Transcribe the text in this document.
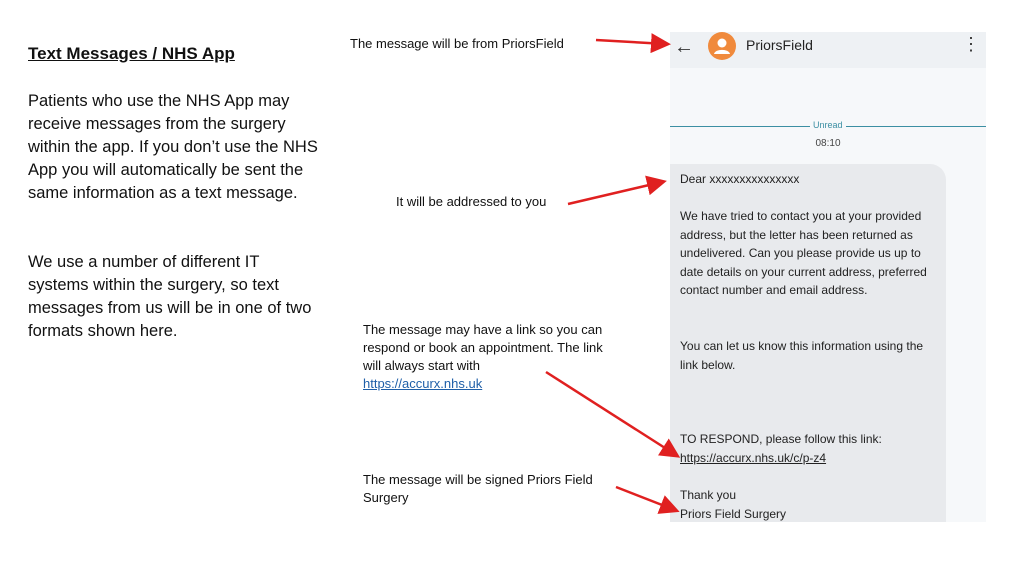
Text Messages / NHS App

Patients who use the NHS App may receive messages from the surgery within the app. If you don’t use the NHS App you will automatically be sent the same information as a text message.

We use a number of different IT systems within the surgery, so text messages from us will be in one of two formats shown here.

The message will be from PriorsField
It will be addressed to you
The message may have a link so you can respond or book an appointment. The link will always start with
https://accurx.nhs.uk
The message will be signed Priors Field Surgery
←	PriorsField	⋮
Unread
08:10

Dear xxxxxxxxxxxxxxx

We have tried to contact you at your provided address, but the letter has been returned as undelivered. Can you please provide us up to date details on your current address, preferred contact number and email address.

You can let us know this information using the link below.

TO RESPOND, please follow this link:

https://accurx.nhs.uk/c/p-z4

Thank you

Priors Field Surgery
